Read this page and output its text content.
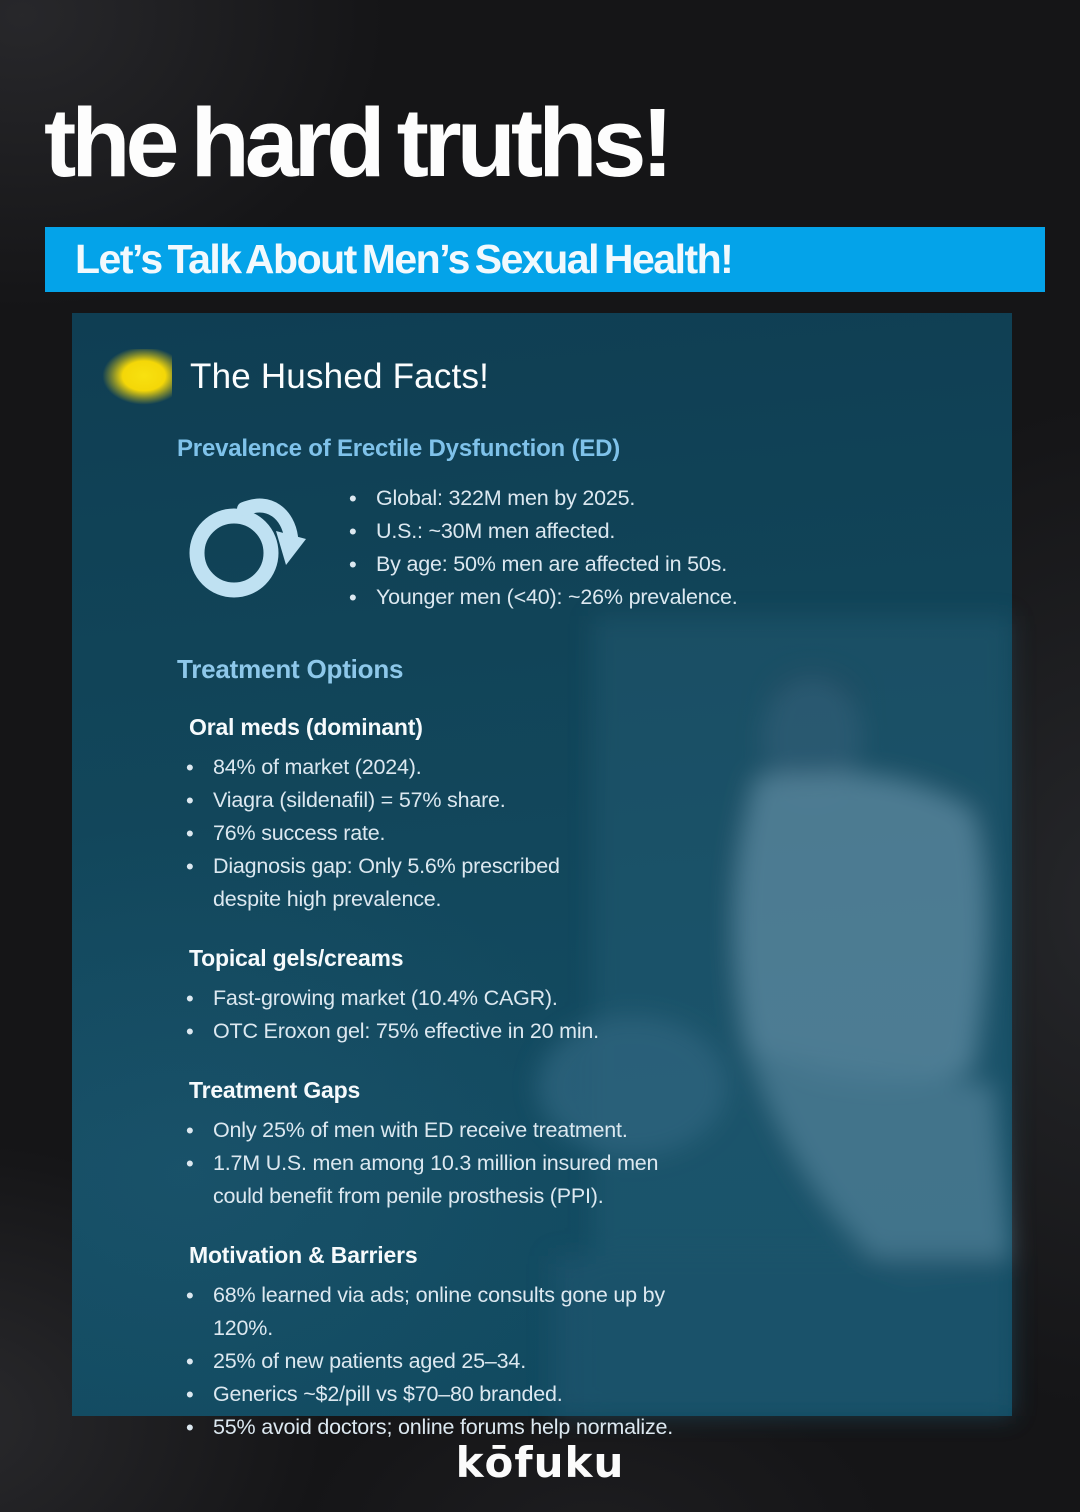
the hard truths!
Let’s Talk About Men’s Sexual Health!
The Hushed Facts!
Prevalence of Erectile Dysfunction (ED)
• Global: 322M men by 2025.
• U.S.: ~30M men affected.
• By age: 50% men are affected in 50s.
• Younger men (<40): ~26% prevalence.
Treatment Options
Oral meds (dominant)
• 84% of market (2024).
• Viagra (sildenafil) = 57% share.
• 76% success rate.
• Diagnosis gap: Only 5.6% prescribed despite high prevalence.
Topical gels/creams
• Fast-growing market (10.4% CAGR).
• OTC Eroxon gel: 75% effective in 20 min.
Treatment Gaps
• Only 25% of men with ED receive treatment.
• 1.7M U.S. men among 10.3 million insured men could benefit from penile prosthesis (PPI).
Motivation & Barriers
• 68% learned via ads; online consults gone up by 120%.
• 25% of new patients aged 25–34.
• Generics ~$2/pill vs $70–80 branded.
• 55% avoid doctors; online forums help normalize.
kōfuku
